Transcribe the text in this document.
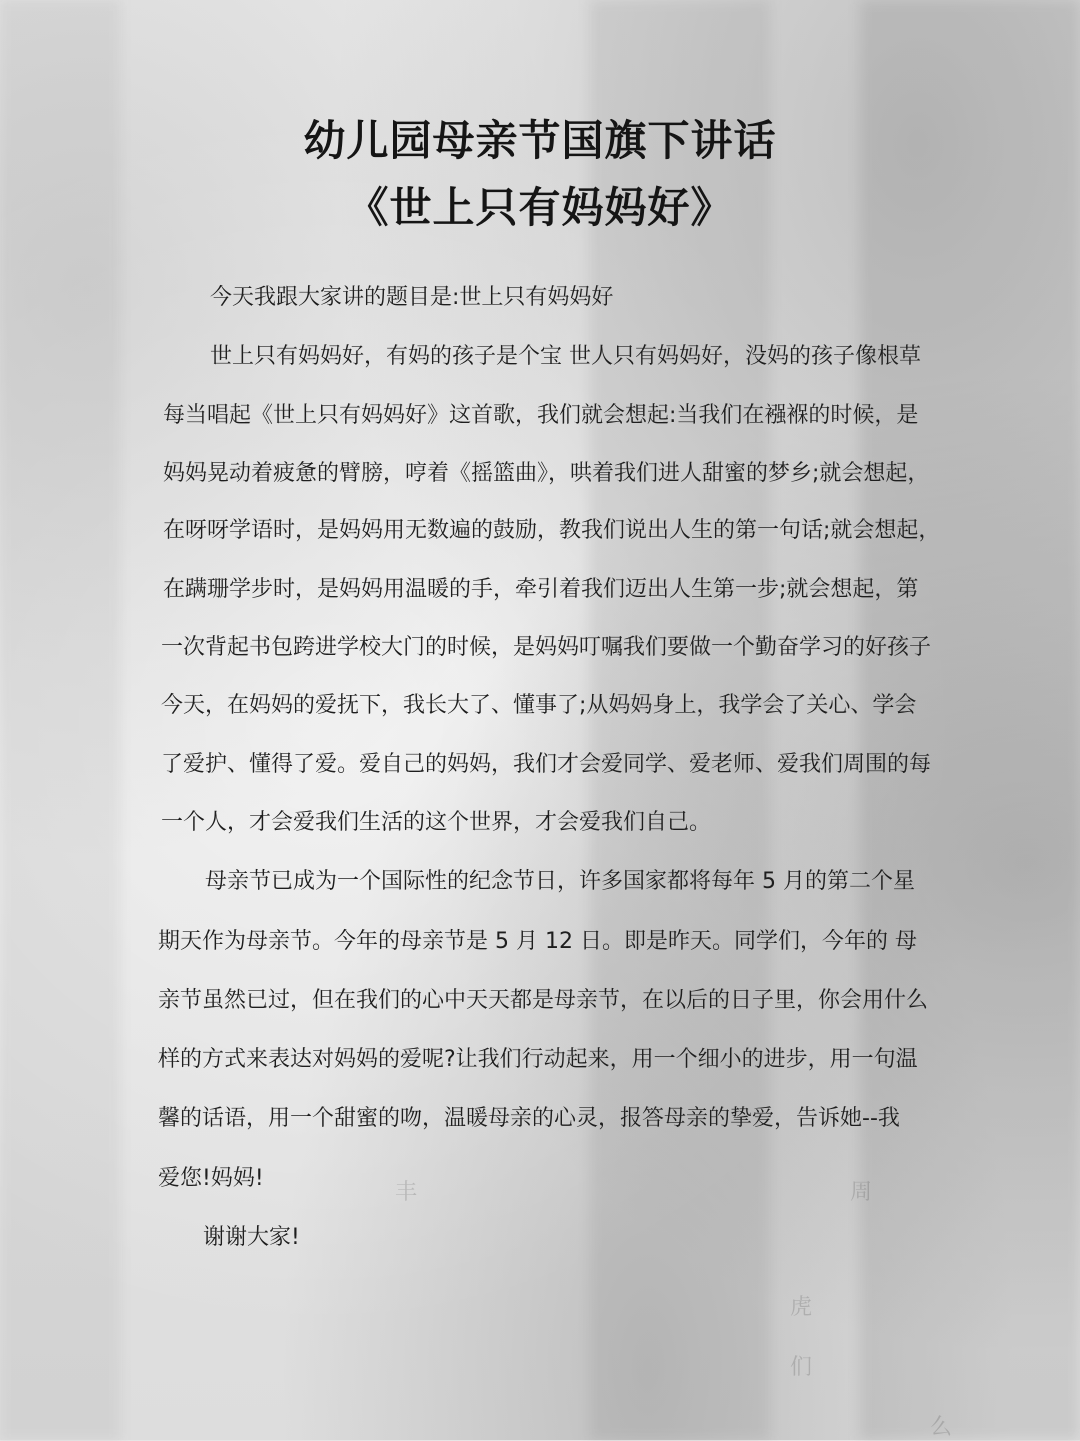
丰	周
虎
们
么
幼儿园母亲节国旗下讲话
《世上只有妈妈好》

今天我跟大家讲的题目是:世上只有妈妈好

世上只有妈妈好，有妈的孩子是个宝 世人只有妈妈好，没妈的孩子像根草

每当唱起《世上只有妈妈好》这首歌，我们就会想起:当我们在襁褓的时候，是

妈妈晃动着疲惫的臂膀，哼着《摇篮曲》，哄着我们进人甜蜜的梦乡;就会想起，

在呀呀学语时，是妈妈用无数遍的鼓励，教我们说出人生的第一句话;就会想起，

在蹒珊学步时，是妈妈用温暖的手，牵引着我们迈出人生第一步;就会想起，第

一次背起书包跨进学校大门的时候，是妈妈叮嘱我们要做一个勤奋学习的好孩子

今天，在妈妈的爱抚下，我长大了、懂事了;从妈妈身上，我学会了关心、学会

了爱护、懂得了爱。爱自己的妈妈，我们才会爱同学、爱老师、爱我们周围的每

一个人，才会爱我们生活的这个世界，才会爱我们自己。

母亲节已成为一个国际性的纪念节日，许多国家都将每年 5 月的第二个星

期天作为母亲节。今年的母亲节是 5 月 12 日。即是昨天。同学们，今年的 母

亲节虽然已过，但在我们的心中天天都是母亲节，在以后的日子里，你会用什么

样的方式来表达对妈妈的爱呢?让我们行动起来，用一个细小的进步，用一句温

馨的话语，用一个甜蜜的吻，温暖母亲的心灵，报答母亲的挚爱，告诉她--我

爱您!妈妈!

谢谢大家!
